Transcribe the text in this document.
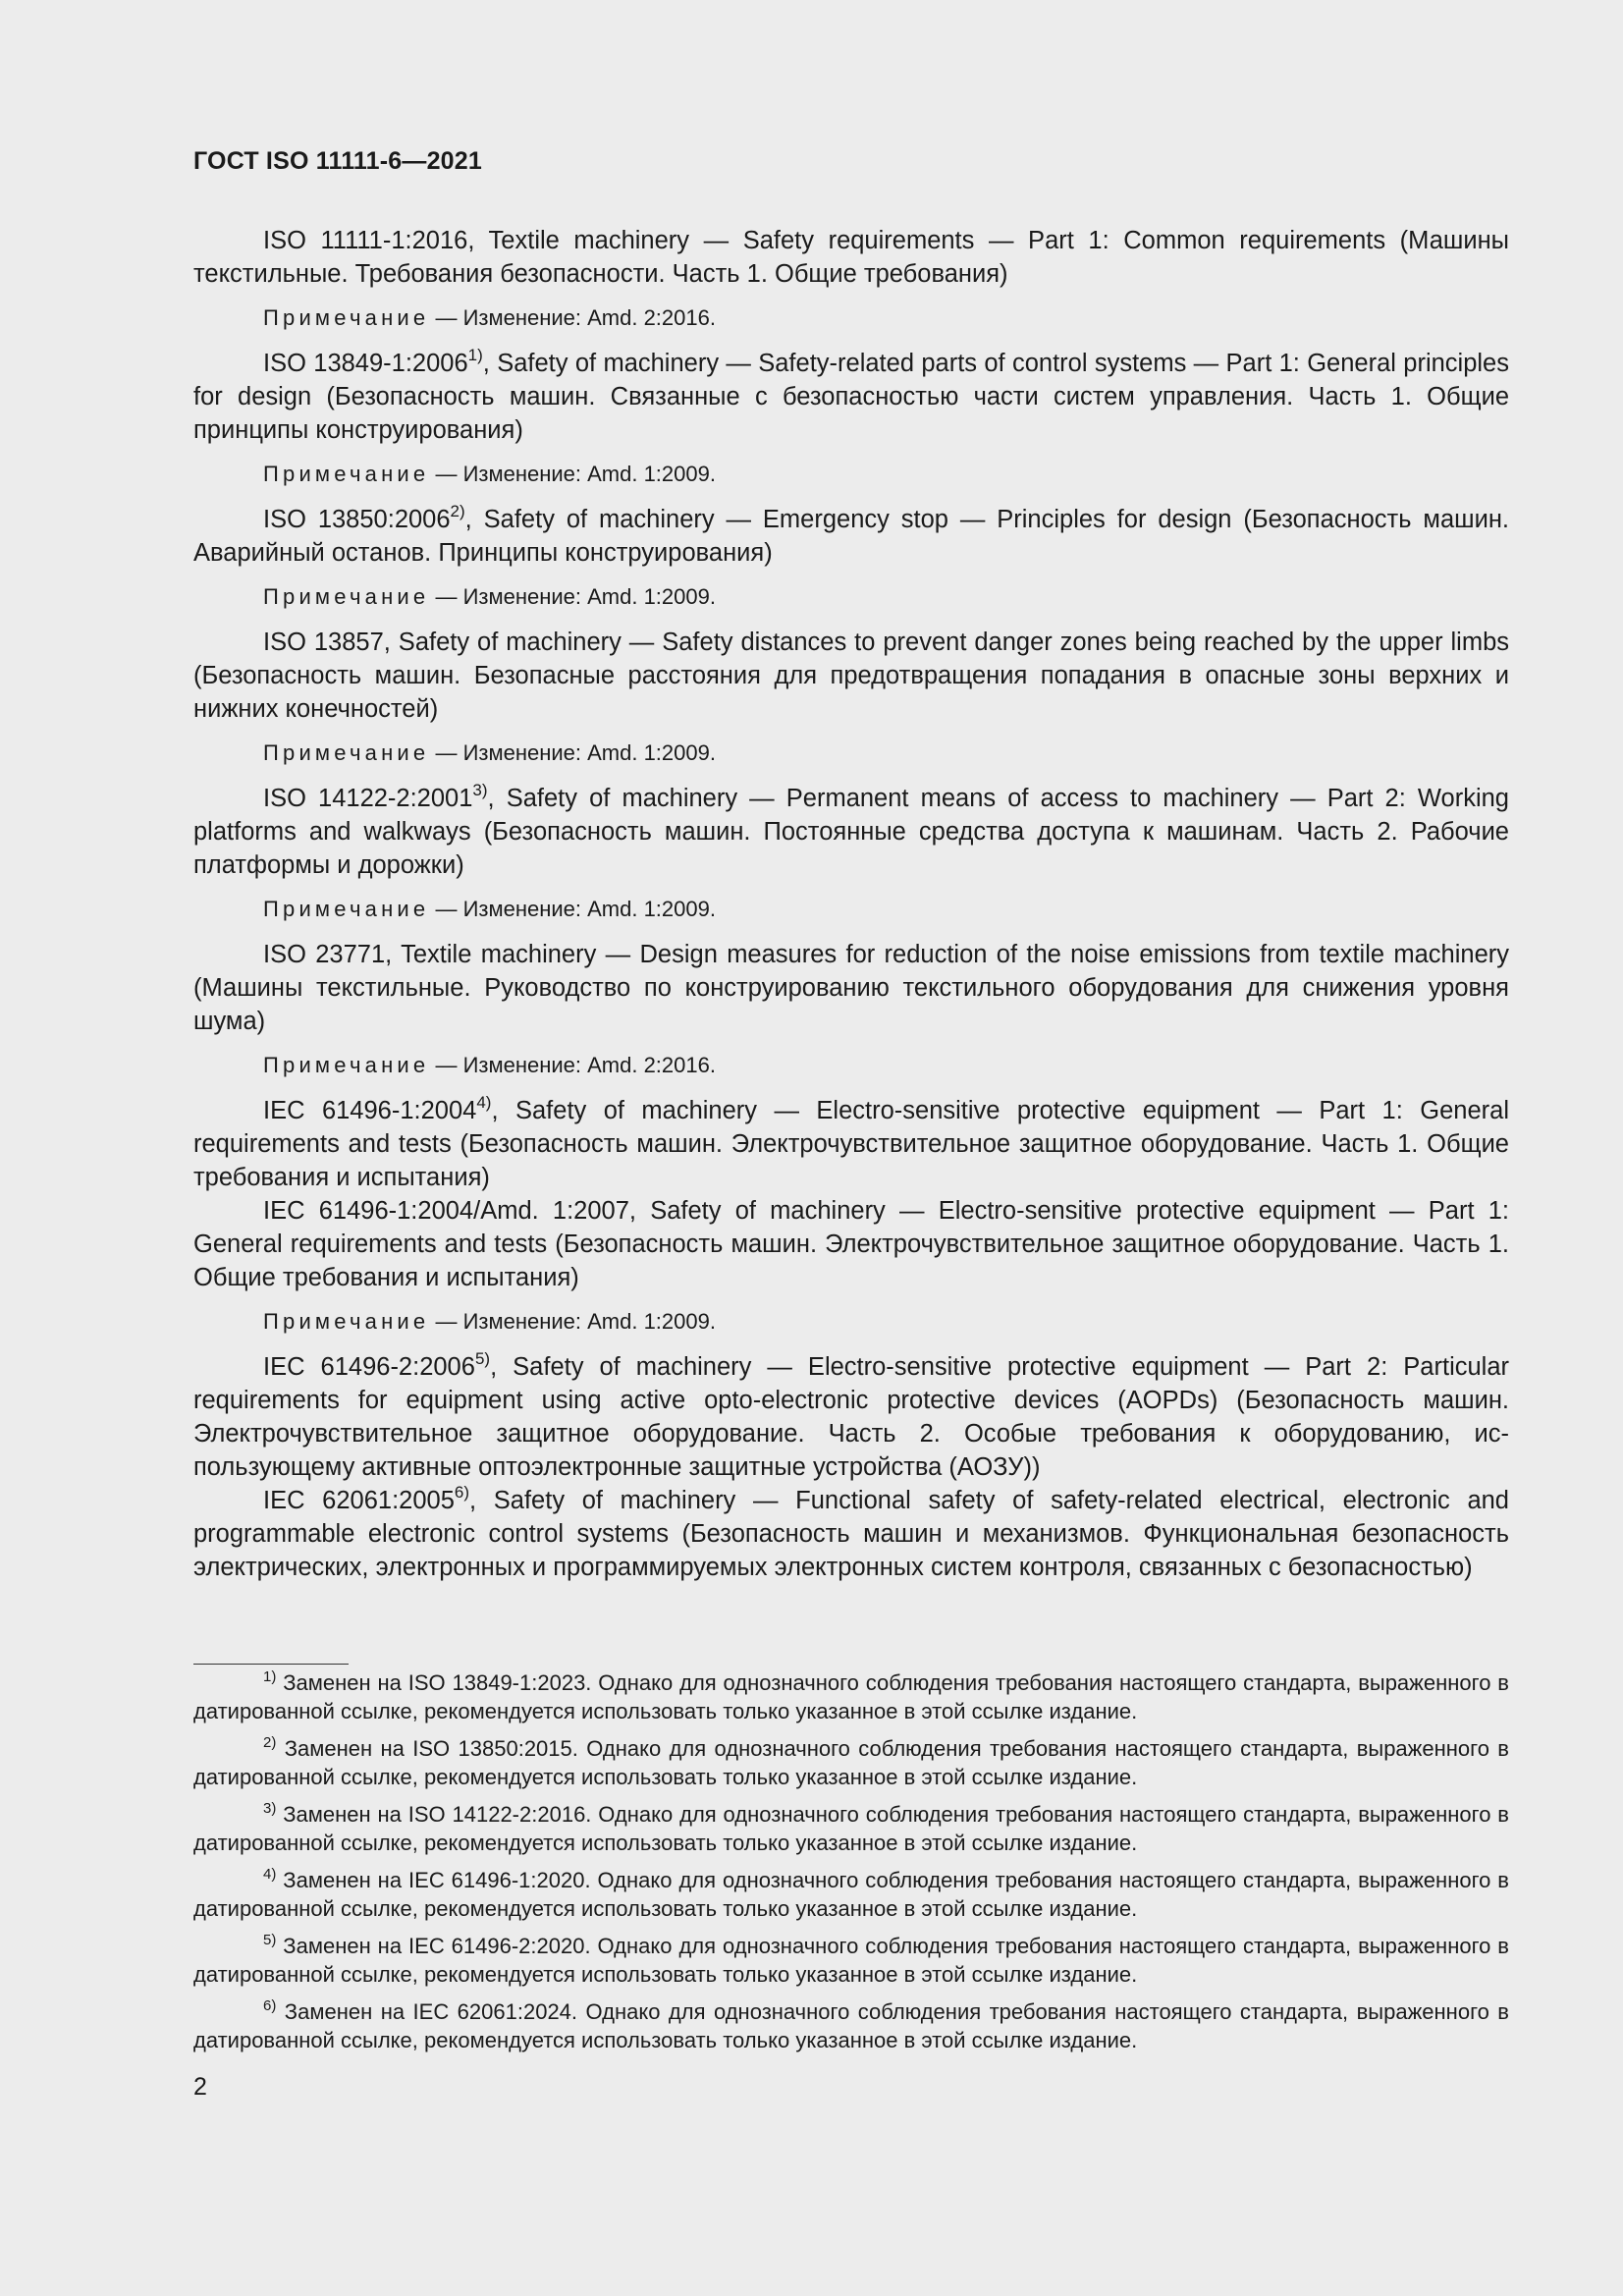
ГОСТ ISO 11111-6—2021

ISO 11111-1:2016, Textile machinery — Safety requirements — Part 1: Common requirements (Машины текстильные. Требования безопасности. Часть 1. Общие требования)

Примечание — Изменение: Amd. 2:2016.

ISO 13849-1:2006$^{1)}$, Safety of machinery — Safety-related parts of control systems — Part 1: General principles for design (Безопасность машин. Связанные с безопасностью части систем управления. Часть 1. Общие принципы конструирования)

Примечание — Изменение: Amd. 1:2009.

ISO 13850:2006$^{2)}$, Safety of machinery — Emergency stop — Principles for design (Безопасность машин. Аварийный останов. Принципы конструирования)

Примечание — Изменение: Amd. 1:2009.

ISO 13857, Safety of machinery — Safety distances to prevent danger zones being reached by the upper limbs (Безопасность машин. Безопасные расстояния для предотвращения попадания в опасные зоны верхних и нижних конечностей)

Примечание — Изменение: Amd. 1:2009.

ISO 14122-2:2001$^{3)}$, Safety of machinery — Permanent means of access to machinery — Part 2: Working platforms and walkways (Безопасность машин. Постоянные средства доступа к машинам. Часть 2. Рабочие платформы и дорожки)

Примечание — Изменение: Amd. 1:2009.

ISO 23771, Textile machinery — Design measures for reduction of the noise emissions from textile machinery (Машины текстильные. Руководство по конструированию текстильного оборудования для снижения уровня шума)

Примечание — Изменение: Amd. 2:2016.

IEC 61496-1:2004$^{4)}$, Safety of machinery — Electro-sensitive protective equipment — Part 1: General requirements and tests (Безопасность машин. Электрочувствительное защитное оборудование. Часть 1. Общие требования и испытания)

IEC 61496-1:2004/Amd. 1:2007, Safety of machinery — Electro-sensitive protective equipment — Part 1: General requirements and tests (Безопасность машин. Электрочувствительное защитное оборудование. Часть 1. Общие требования и испытания)

Примечание — Изменение: Amd. 1:2009.

IEC 61496-2:2006$^{5)}$, Safety of machinery — Electro-sensitive protective equipment — Part 2: Particular requirements for equipment using active opto-electronic protective devices (AOPDs) (Безопасность машин. Электрочувствительное защитное оборудование. Часть 2. Особые требования к оборудованию, использующему активные оптоэлектронные защитные устройства (АОЗУ))

IEC 62061:2005$^{6)}$, Safety of machinery — Functional safety of safety-related electrical, electronic and programmable electronic control systems (Безопасность машин и механизмов. Функциональная безопасность электрических, электронных и программируемых электронных систем контроля, связанных с безопасностью)

$^{1)}$ Заменен на ISO 13849-1:2023. Однако для однозначного соблюдения требования настоящего стандарта, выраженного в датированной ссылке, рекомендуется использовать только указанное в этой ссылке издание.

$^{2)}$ Заменен на ISO 13850:2015. Однако для однозначного соблюдения требования настоящего стандарта, выраженного в датированной ссылке, рекомендуется использовать только указанное в этой ссылке издание.

$^{3)}$ Заменен на ISO 14122-2:2016. Однако для однозначного соблюдения требования настоящего стандарта, выраженного в датированной ссылке, рекомендуется использовать только указанное в этой ссылке издание.

$^{4)}$ Заменен на IEC 61496-1:2020. Однако для однозначного соблюдения требования настоящего стандарта, выраженного в датированной ссылке, рекомендуется использовать только указанное в этой ссылке издание.

$^{5)}$ Заменен на IEC 61496-2:2020. Однако для однозначного соблюдения требования настоящего стандарта, выраженного в датированной ссылке, рекомендуется использовать только указанное в этой ссылке издание.

$^{6)}$ Заменен на IEC 62061:2024. Однако для однозначного соблюдения требования настоящего стандарта, выраженного в датированной ссылке, рекомендуется использовать только указанное в этой ссылке издание.

2
